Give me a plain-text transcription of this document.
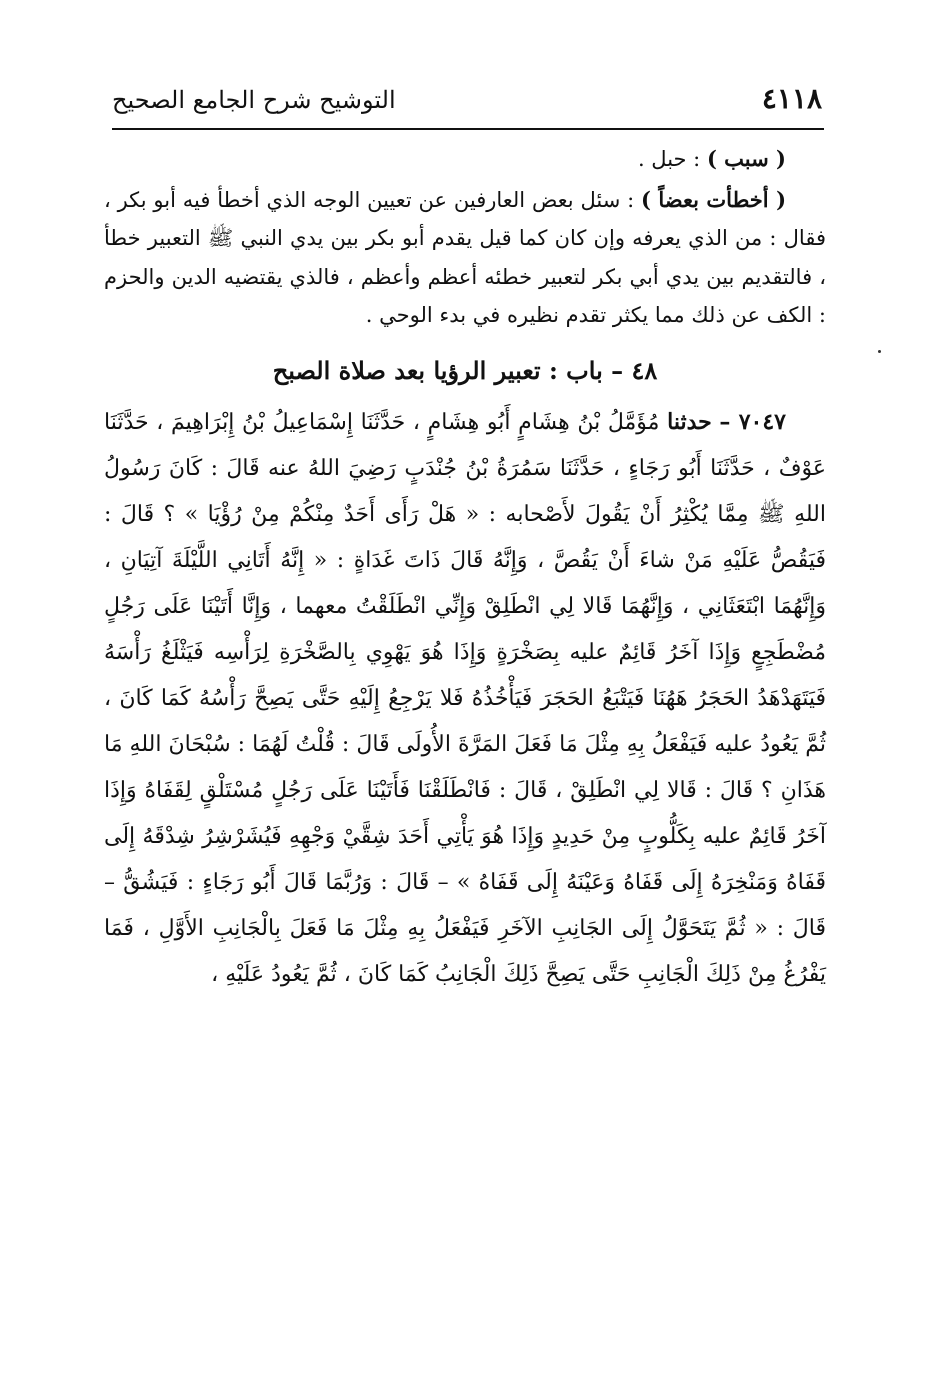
٤١١٨
التوشيح شرح الجامع الصحيح

( سبب ) : حبل .

( أخطأت بعضاً ) : سئل بعض العارفين عن تعيين الوجه الذي أخطأ فيه أبو بكر ، فقال : من الذي يعرفه وإن كان كما قيل يقدم أبو بكر بين يدي النبي ﷺ التعبير خطأ ، فالتقديم بين يدي أبي بكر لتعبير خطئه أعظم وأعظم ، فالذي يقتضيه الدين والحزم : الكف عن ذلك مما يكثر تقدم نظيره في بدء الوحي .

٤٨ – باب : تعبير الرؤيا بعد صلاة الصبح

٧٠٤٧ – حدثنا مُؤَمَّلُ بْنُ هِشَامٍ أَبُو هِشَامٍ ، حَدَّثَنَا إِسْمَاعِيلُ بْنُ إِبْرَاهِيمَ ، حَدَّثَنَا عَوْفٌ ، حَدَّثَنَا أَبُو رَجَاءٍ ، حَدَّثَنَا سَمُرَةُ بْنُ جُنْدَبٍ رَضِيَ اللهُ عنه قَالَ : كَانَ رَسُولُ اللهِ ﷺ مِمَّا يُكْثِرُ أَنْ يَقُولَ لأَصْحابه : « هَلْ رَأَى أَحَدٌ مِنْكُمْ مِنْ رُؤْيَا » ؟ قَالَ : فَيَقُصُّ عَلَيْهِ مَنْ شاءَ أَنْ يَقُصَّ ، وَإِنَّهُ قَالَ ذَاتَ غَدَاةٍ : « إِنَّهُ أَتَانِي اللَّيْلَةَ آتِيَانِ ، وَإِنَّهُمَا ابْتَعَثَانِي ، وَإِنَّهُمَا قَالا لِي انْطَلِقْ وَإِنِّي انْطَلَقْتُ معهما ، وَإِنَّا أَتَيْنَا عَلَى رَجُلٍ مُضْطَجِعٍ وَإِذَا آخَرُ قَائِمٌ عليه بِصَخْرَةٍ وَإِذَا هُوَ يَهْوِي بِالصَّخْرَةِ لِرَأْسِه فَيَثْلَغُ رَأْسَهُ فَيَتَهَدْهَدُ الحَجَرُ هَهُنَا فَيَتْبَعُ الحَجَرَ فَيَأْخُذُهُ فَلا يَرْجِعُ إِلَيْهِ حَتَّى يَصِحَّ رَأْسُهُ كَمَا كَانَ ، ثُمَّ يَعُودُ عليه فَيَفْعَلُ بِهِ مِثْلَ مَا فَعَلَ المَرَّةَ الأُولَى قَالَ : قُلْتُ لَهُمَا : سُبْحَانَ اللهِ مَا هَذَانِ ؟ قَالَ : قَالا لِي انْطَلِقْ ، قَالَ : فَانْطَلَقْنَا فَأَتَيْنَا عَلَى رَجُلٍ مُسْتَلْقٍ لِقَفَاهُ وَإِذَا آخَرُ قَائِمٌ عليه بِكَلُّوبٍ مِنْ حَدِيدٍ وَإِذَا هُوَ يَأْتِي أَحَدَ شِقَّيْ وَجْهِهِ فَيُشَرْشِرُ شِدْقَهُ إِلَى قَفَاهُ وَمَنْخِرَهُ إِلَى قَفَاهُ وَعَيْنَهُ إِلَى قَفَاهُ » – قَالَ : وَرُبَّمَا قَالَ أَبُو رَجَاءٍ : فَيَشُقُّ – قَالَ : « ثُمَّ يَتَحَوَّلُ إِلَى الجَانِبِ الآخَرِ فَيَفْعَلُ بِهِ مِثْلَ مَا فَعَلَ بِالْجَانِبِ الأَوَّلِ ، فَمَا يَفْرُغُ مِنْ ذَلِكَ الْجَانِبِ حَتَّى يَصِحَّ ذَلِكَ الْجَانِبُ كَمَا كَانَ ، ثُمَّ يَعُودُ عَلَيْهِ ،
